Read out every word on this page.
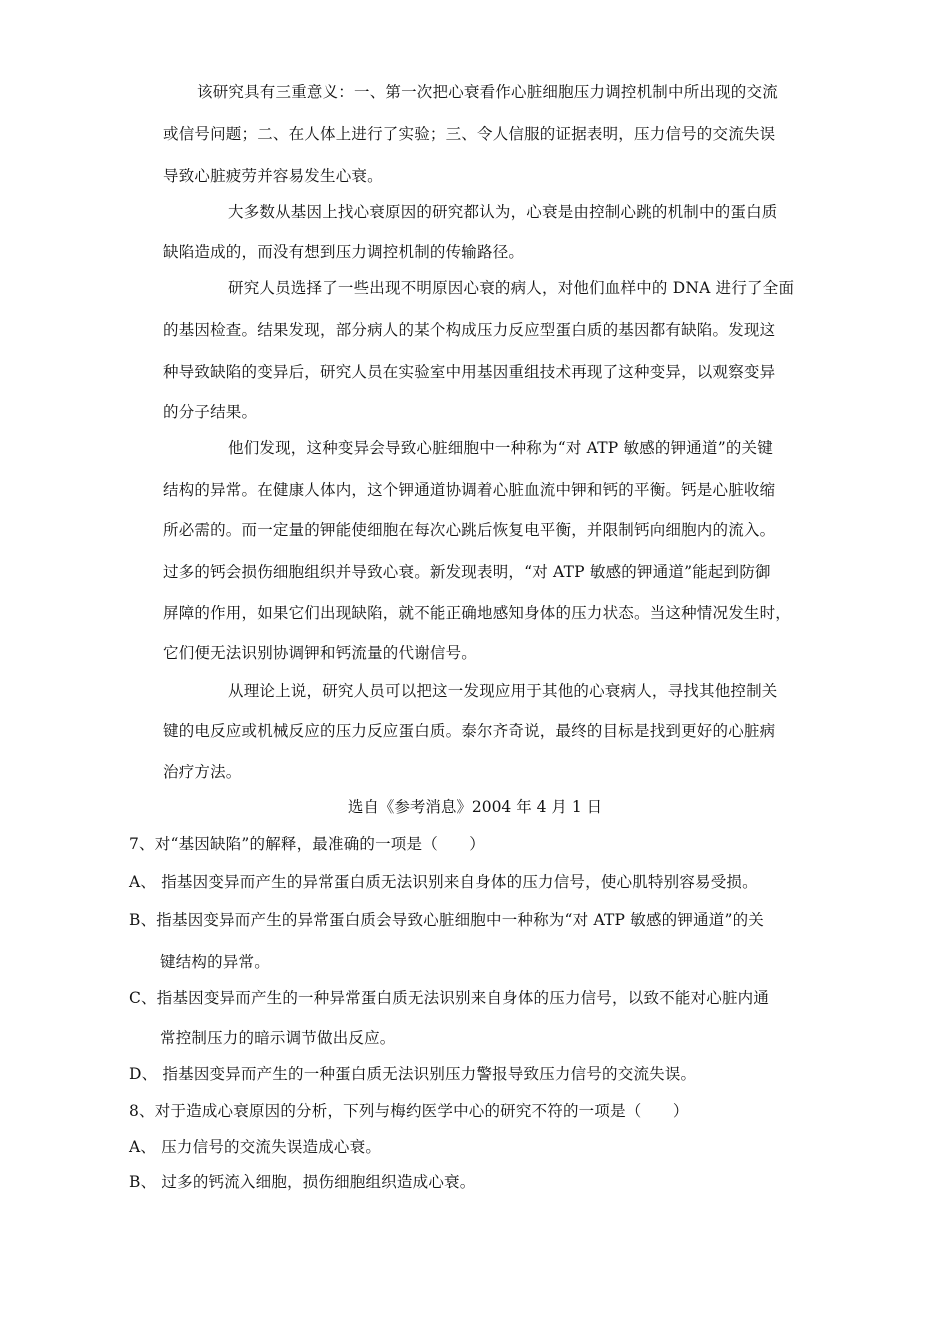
该研究具有三重意义：一、第一次把心衰看作心脏细胞压力调控机制中所出现的交流
或信号问题；二、在人体上进行了实验；三、令人信服的证据表明，压力信号的交流失误
导致心脏疲劳并容易发生心衰。
大多数从基因上找心衰原因的研究都认为，心衰是由控制心跳的机制中的蛋白质
缺陷造成的，而没有想到压力调控机制的传输路径。
研究人员选择了一些出现不明原因心衰的病人，对他们血样中的 DNA 进行了全面
的基因检查。结果发现，部分病人的某个构成压力反应型蛋白质的基因都有缺陷。发现这
种导致缺陷的变异后，研究人员在实验室中用基因重组技术再现了这种变异，以观察变异
的分子结果。
他们发现，这种变异会导致心脏细胞中一种称为“对 ATP 敏感的钾通道”的关键
结构的异常。在健康人体内，这个钾通道协调着心脏血流中钾和钙的平衡。钙是心脏收缩
所必需的。而一定量的钾能使细胞在每次心跳后恢复电平衡，并限制钙向细胞内的流入。
过多的钙会损伤细胞组织并导致心衰。新发现表明，“对 ATP 敏感的钾通道”能起到防御
屏障的作用，如果它们出现缺陷，就不能正确地感知身体的压力状态。当这种情况发生时，
它们便无法识别协调钾和钙流量的代谢信号。
从理论上说，研究人员可以把这一发现应用于其他的心衰病人，寻找其他控制关
键的电反应或机械反应的压力反应蛋白质。泰尔齐奇说，最终的目标是找到更好的心脏病
治疗方法。
选自《参考消息》2004 年 4 月 1 日
7、对“基因缺陷”的解释，最准确的一项是（　　）
A、 指基因变异而产生的异常蛋白质无法识别来自身体的压力信号，使心肌特别容易受损。
B、指基因变异而产生的异常蛋白质会导致心脏细胞中一种称为“对 ATP 敏感的钾通道”的关
键结构的异常。
C、指基因变异而产生的一种异常蛋白质无法识别来自身体的压力信号，以致不能对心脏内通
常控制压力的暗示调节做出反应。
D、 指基因变异而产生的一种蛋白质无法识别压力警报导致压力信号的交流失误。
8、对于造成心衰原因的分析，下列与梅约医学中心的研究不符的一项是（　　）
A、 压力信号的交流失误造成心衰。
B、 过多的钙流入细胞，损伤细胞组织造成心衰。
